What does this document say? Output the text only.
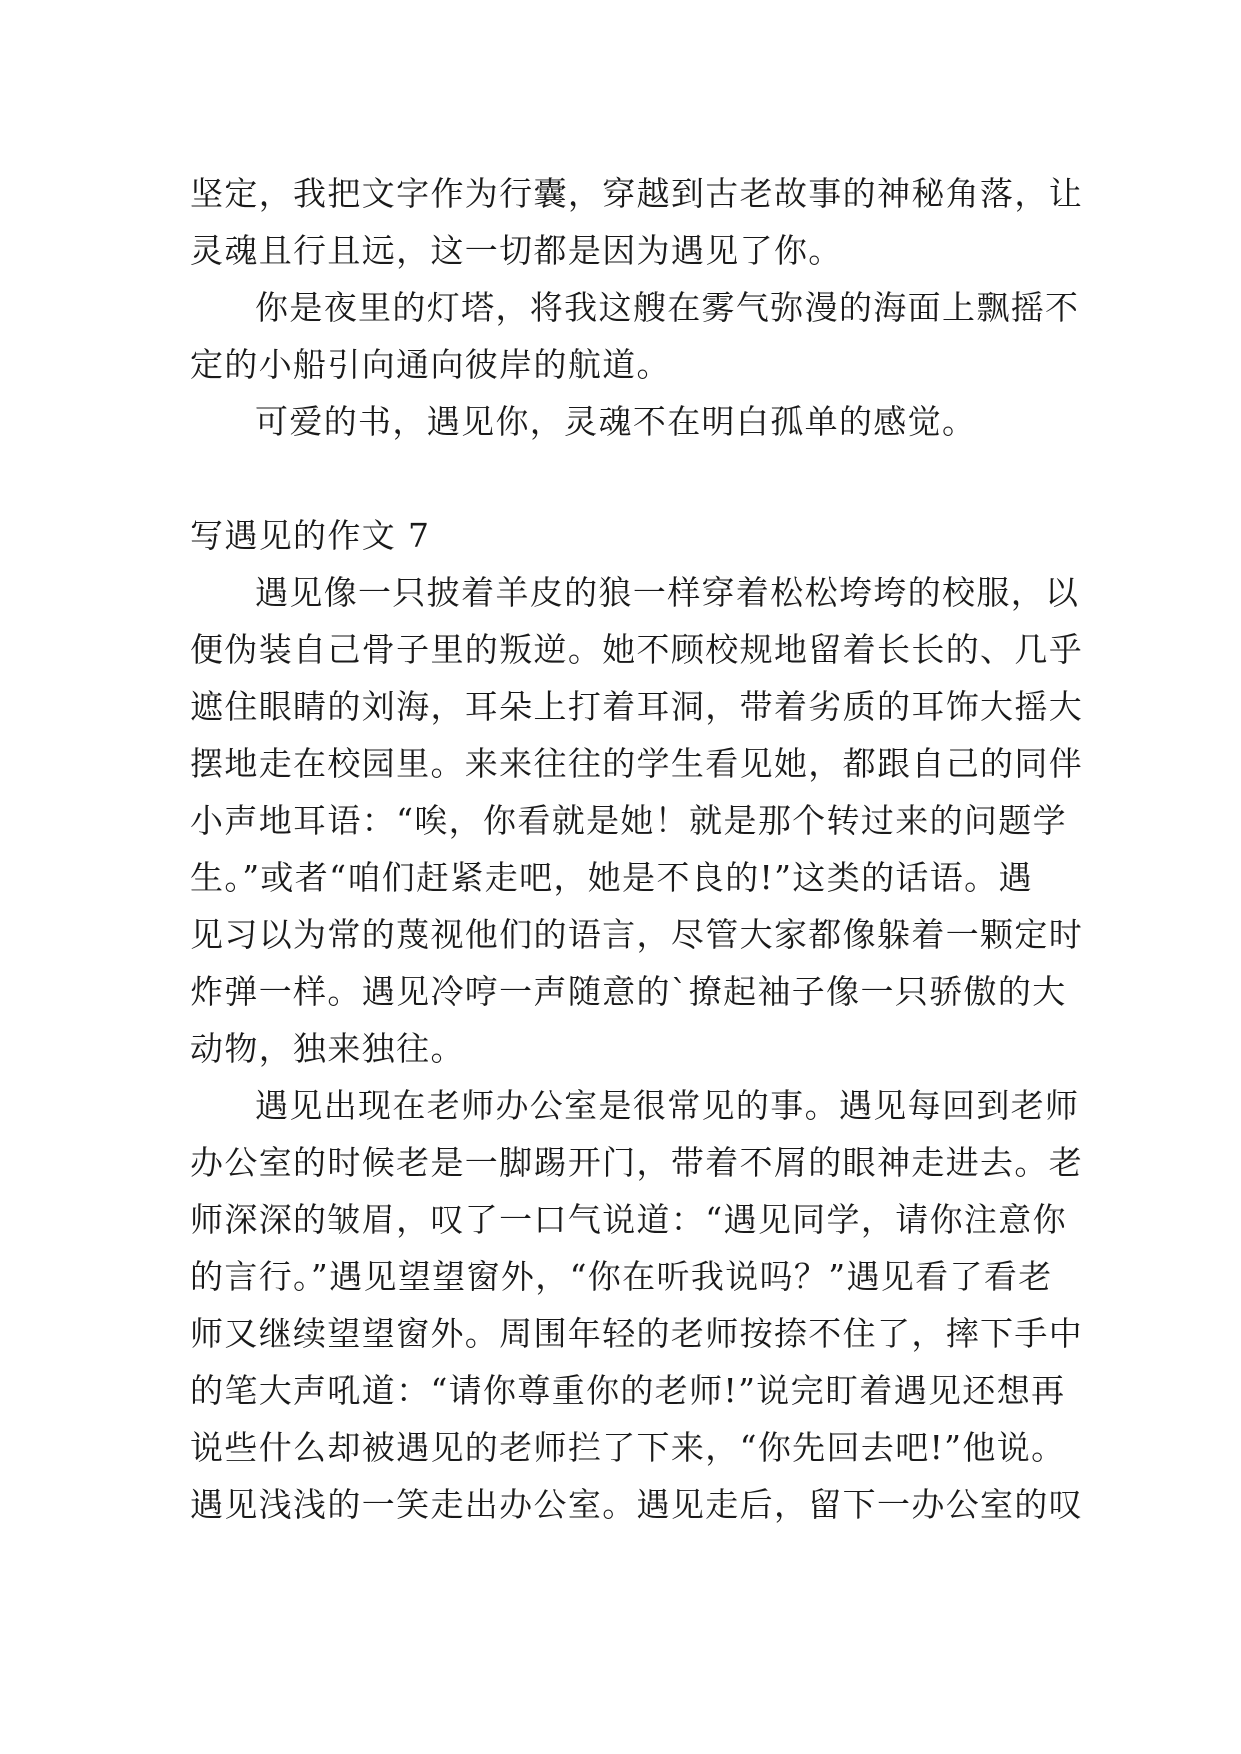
坚定，我把文字作为行囊，穿越到古老故事的神秘角落，让
灵魂且行且远，这一切都是因为遇见了你。
你是夜里的灯塔，将我这艘在雾气弥漫的海面上飘摇不
定的小船引向通向彼岸的航道。
可爱的书，遇见你，灵魂不在明白孤单的感觉。
写遇见的作文 7
遇见像一只披着羊皮的狼一样穿着松松垮垮的校服，以
便伪装自己骨子里的叛逆。她不顾校规地留着长长的、几乎
遮住眼睛的刘海，耳朵上打着耳洞，带着劣质的耳饰大摇大
摆地走在校园里。来来往往的学生看见她，都跟自己的同伴
小声地耳语：“唉，你看就是她！就是那个转过来的问题学
生。”或者“咱们赶紧走吧，她是不良的!”这类的话语。遇
见习以为常的蔑视他们的语言，尽管大家都像躲着一颗定时
炸弹一样。遇见冷哼一声随意的`撩起袖子像一只骄傲的大
动物，独来独往。
遇见出现在老师办公室是很常见的事。遇见每回到老师
办公室的时候老是一脚踢开门，带着不屑的眼神走进去。老
师深深的皱眉，叹了一口气说道：“遇见同学，请你注意你
的言行。”遇见望望窗外，“你在听我说吗？”遇见看了看老
师又继续望望窗外。周围年轻的老师按捺不住了，摔下手中
的笔大声吼道：“请你尊重你的老师!”说完盯着遇见还想再
说些什么却被遇见的老师拦了下来，“你先回去吧!”他说。
遇见浅浅的一笑走出办公室。遇见走后，留下一办公室的叹
